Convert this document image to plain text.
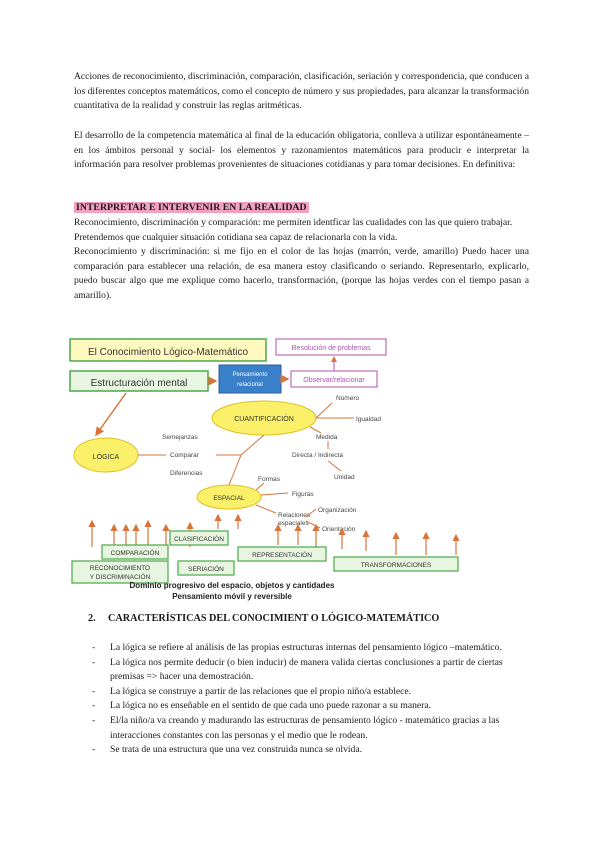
Acciones de reconocimiento, discriminación, comparación, clasificación, seriación y correspondencia, que conducen a los diferentes conceptos matemáticos, como el concepto de número y sus propiedades, para alcanzar la transformación cuantitativa de la realidad y construir las reglas aritméticas.

El desarrollo de la competencia matemática al final de la educación obligatoria, conlleva a utilizar espontáneamente –en los ámbitos personal y social- los elementos y razonamientos matemáticos para producir e interpretar la información para resolver problemas provenientes de situaciones cotidianas y para tomar decisiones. En definitiva:

INTERPRETAR E INTERVENIR EN LA REALIDAD
Reconocimiento, discriminación y comparación: me permiten identficar las cualidades con las que quiero trabajar.
Pretendemos que cualquier situación cotidiana sea capaz de relacionarla con la vida.
Reconocimiento y discriminación: si me fijo en el color de las hojas (marrón, verde, amarillo) Puedo hacer una comparación para establecer una relación, de esa manera estoy clasificando o seriando. Representarlo, explicarlo, puedo buscar algo que me explique como hacerlo, transformación, (porque las hojas verdes con el tiempo pasan a amarillo).
El Conocimiento Lógico-Matemático	Resolución de problemas
Estructuración mental
Pensamiento
relacional
Observar/relacionar
CUANTIFICACIÓN
LÓGICA
ESPACIAL
Número
Igualdad
Medida
Directa / Indirecta
Unidad
Semejanzas
Comparar
Diferencias
Formas
Figuras
Relaciones
espaciales
Organización
Orientación
COMPARACIÓN
CLASIFICACIÓN
RECONOCIMIENTO
Y DISCRIMINACIÓN
SERIACIÓN
REPRESENTACIÓN
TRANSFORMACIONES
Dominio progresivo del espacio, objetos y cantidades
Pensamiento móvil y reversible
2. CARACTERÍSTICAS DEL CONOCIMIENT O LÓGICO-MATEMÁTICO
- La lógica se refiere al análisis de las propias estructuras internas del pensamiento lógico –matemático.
- La lógica nos permite deducir (o bien inducir) de manera valida ciertas conclusiones a partir de ciertas premisas => hacer una demostración.
- La lógica se construye a partir de las relaciones que el propio niño/a establece.
- La lógica no es enseñable en el sentido de que cada uno puede razonar a su manera.
- El/la niño/a va creando y madurando las estructuras de pensamiento lógico - matemático gracias a las interacciones constantes con las personas y el medio que le rodean.
- Se trata de una estructura que una vez construida nunca se olvida.
